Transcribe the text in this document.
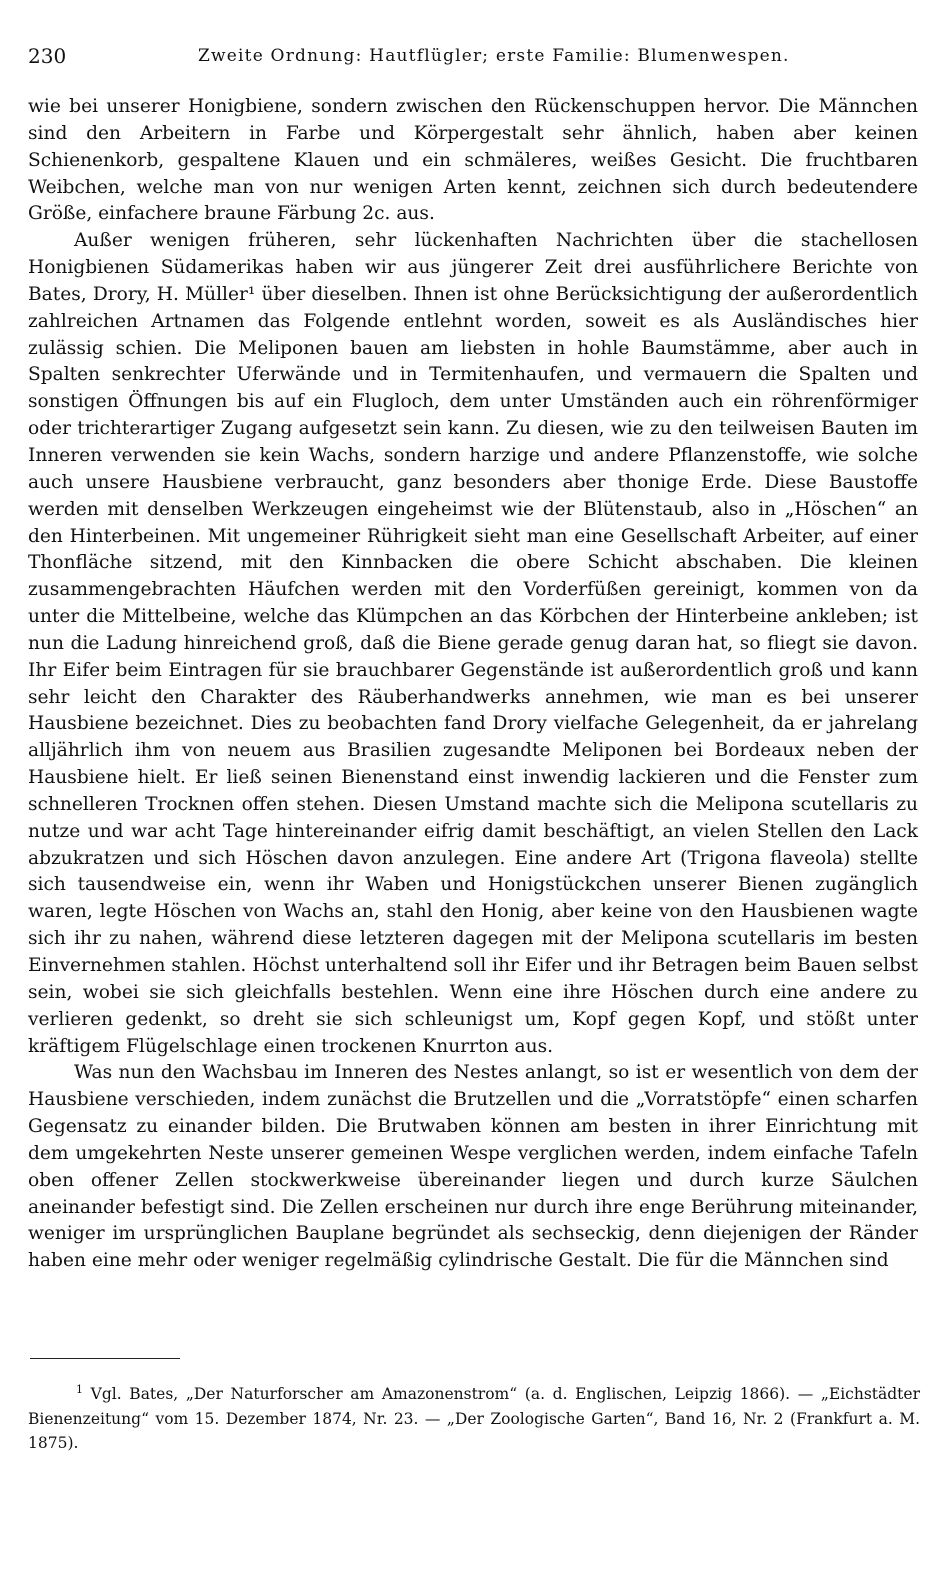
230	Zweite Ordnung: Hautflügler; erste Familie: Blumenwespen.

wie bei unserer Honigbiene, sondern zwischen den Rückenschuppen hervor. Die Männchen sind den Arbeitern in Farbe und Körpergestalt sehr ähnlich, haben aber keinen Schienenkorb, gespaltene Klauen und ein schmäleres, weißes Gesicht. Die fruchtbaren Weibchen, welche man von nur wenigen Arten kennt, zeichnen sich durch bedeutendere Größe, einfachere braune Färbung 2c. aus.

Außer wenigen früheren, sehr lückenhaften Nachrichten über die stachellosen Honigbienen Südamerikas haben wir aus jüngerer Zeit drei ausführlichere Berichte von Bates, Drory, H. Müller¹ über dieselben. Ihnen ist ohne Berücksichtigung der außerordentlich zahlreichen Artnamen das Folgende entlehnt worden, soweit es als Ausländisches hier zulässig schien. Die Meliponen bauen am liebsten in hohle Baumstämme, aber auch in Spalten senkrechter Uferwände und in Termitenhaufen, und vermauern die Spalten und sonstigen Öffnungen bis auf ein Flugloch, dem unter Umständen auch ein röhrenförmiger oder trichterartiger Zugang aufgesetzt sein kann. Zu diesen, wie zu den teilweisen Bauten im Inneren verwenden sie kein Wachs, sondern harzige und andere Pflanzenstoffe, wie solche auch unsere Hausbiene verbraucht, ganz besonders aber thonige Erde. Diese Baustoffe werden mit denselben Werkzeugen eingeheimst wie der Blütenstaub, also in „Höschen“ an den Hinterbeinen. Mit ungemeiner Rührigkeit sieht man eine Gesellschaft Arbeiter, auf einer Thonfläche sitzend, mit den Kinnbacken die obere Schicht abschaben. Die kleinen zusammengebrachten Häufchen werden mit den Vorderfüßen gereinigt, kommen von da unter die Mittelbeine, welche das Klümpchen an das Körbchen der Hinterbeine ankleben; ist nun die Ladung hinreichend groß, daß die Biene gerade genug daran hat, so fliegt sie davon. Ihr Eifer beim Eintragen für sie brauchbarer Gegenstände ist außerordentlich groß und kann sehr leicht den Charakter des Räuberhandwerks annehmen, wie man es bei unserer Hausbiene bezeichnet. Dies zu beobachten fand Drory vielfache Gelegenheit, da er jahrelang alljährlich ihm von neuem aus Brasilien zugesandte Meliponen bei Bordeaux neben der Hausbiene hielt. Er ließ seinen Bienenstand einst inwendig lackieren und die Fenster zum schnelleren Trocknen offen stehen. Diesen Umstand machte sich die Melipona scutellaris zu nutze und war acht Tage hintereinander eifrig damit beschäftigt, an vielen Stellen den Lack abzukratzen und sich Höschen davon anzulegen. Eine andere Art (Trigona flaveola) stellte sich tausendweise ein, wenn ihr Waben und Honigstückchen unserer Bienen zugänglich waren, legte Höschen von Wachs an, stahl den Honig, aber keine von den Hausbienen wagte sich ihr zu nahen, während diese letzteren dagegen mit der Melipona scutellaris im besten Einvernehmen stahlen. Höchst unterhaltend soll ihr Eifer und ihr Betragen beim Bauen selbst sein, wobei sie sich gleichfalls bestehlen. Wenn eine ihre Höschen durch eine andere zu verlieren gedenkt, so dreht sie sich schleunigst um, Kopf gegen Kopf, und stößt unter kräftigem Flügelschlage einen trockenen Knurrton aus.

Was nun den Wachsbau im Inneren des Nestes anlangt, so ist er wesentlich von dem der Hausbiene verschieden, indem zunächst die Brutzellen und die „Vorratstöpfe“ einen scharfen Gegensatz zu einander bilden. Die Brutwaben können am besten in ihrer Einrichtung mit dem umgekehrten Neste unserer gemeinen Wespe verglichen werden, indem einfache Tafeln oben offener Zellen stockwerkweise übereinander liegen und durch kurze Säulchen aneinander befestigt sind. Die Zellen erscheinen nur durch ihre enge Berührung miteinander, weniger im ursprünglichen Bauplane begründet als sechseckig, denn diejenigen der Ränder haben eine mehr oder weniger regelmäßig cylindrische Gestalt. Die für die Männchen sind

$^1$ Vgl. Bates, „Der Naturforscher am Amazonenstrom“ (a. d. Englischen, Leipzig 1866). — „Eichstädter Bienenzeitung“ vom 15. Dezember 1874, Nr. 23. — „Der Zoologische Garten“, Band 16, Nr. 2 (Frankfurt a. M. 1875).
